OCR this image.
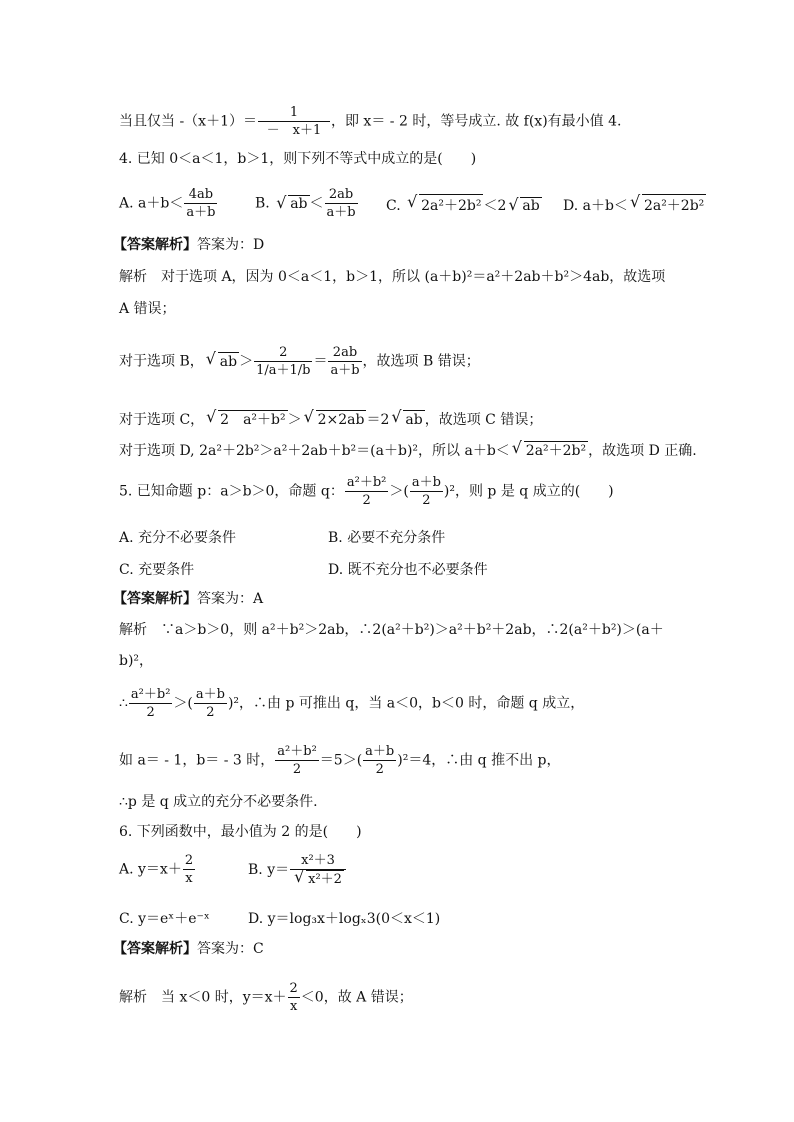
当且仅当 $-(x+1)= \frac{1}{- x+1}$ ，即 x＝ - 2 时，等号成立. 故 f(x)有最小值 4.
4. 已知 0＜a＜1，b＞1，则下列不等式中成立的是(　　)
A. $a+b< \frac{4ab}{a+b}$	B. √ ab ＜ $\frac{2ab}{a+b} C$. √ 2a²＋2b² ＜2 √ ab D. a＋b＜ √ 2a²＋2b²
【答案解析】答案为：D
解析　对于选项 A，因为 0＜a＜1，b＞1，所以 (a＋b)²＝a²＋2ab＋b²＞4ab，故选项
A 错误；
对于选项 B， √ ab ＞ $\frac{2}{1/a+1/b} = \frac{2ab}{a+b}$ ，故选项 B 错误；
对于选项 C， √ 2　a²＋b² ＞ √ 2×2ab ＝2 √ ab ，故选项 C 错误；
对于选项 D, 2a²＋2b²＞a²＋2ab＋b²＝(a＋b)²，所以 a＋b＜ √ 2a²＋2b² ，故选项 D 正确.
5. 已知命题 p：a＞b＞0，命题 q： $\frac{\text{a²＋b²}}{2}$ ＞( $\frac{a+b}{2} )^2$，则 p 是 q 成立的(　　)
A. 充分不必要条件	B. 必要不充分条件
C. 充要条件	D. 既不充分也不必要条件
【答案解析】答案为：A
解析　∵a＞b＞0，则 a²＋b²＞2ab，∴2(a²＋b²)＞a²＋b²＋2ab，∴2(a²＋b²)＞(a＋
b)²，
∴ $\frac{\text{a²＋b²}}{2}$ ＞( $\frac{a+b}{2} )^2$，∴由 p 可推出 q，当 a＜0，b＜0 时，命题 q 成立，
如 a＝ - 1，b＝ - 3 时， $\frac{\text{a²＋b²}}{2} =5>( \frac{a+b}{2} )^2=4$，∴由 q 推不出 p，
∴p 是 q 成立的充分不必要条件.
6. 下列函数中，最小值为 2 的是(　　)
A. $y=x+ \frac{2}{x}$	B. y＝ x²＋3
√ x²＋2
C. y＝eˣ＋e⁻ˣ	D. y＝log₃x＋logₓ3(0＜x＜1)
【答案解析】答案为：C
解析　当 x＜0 时，$y=x+ \frac{2}{x} <0$，故 A 错误；
